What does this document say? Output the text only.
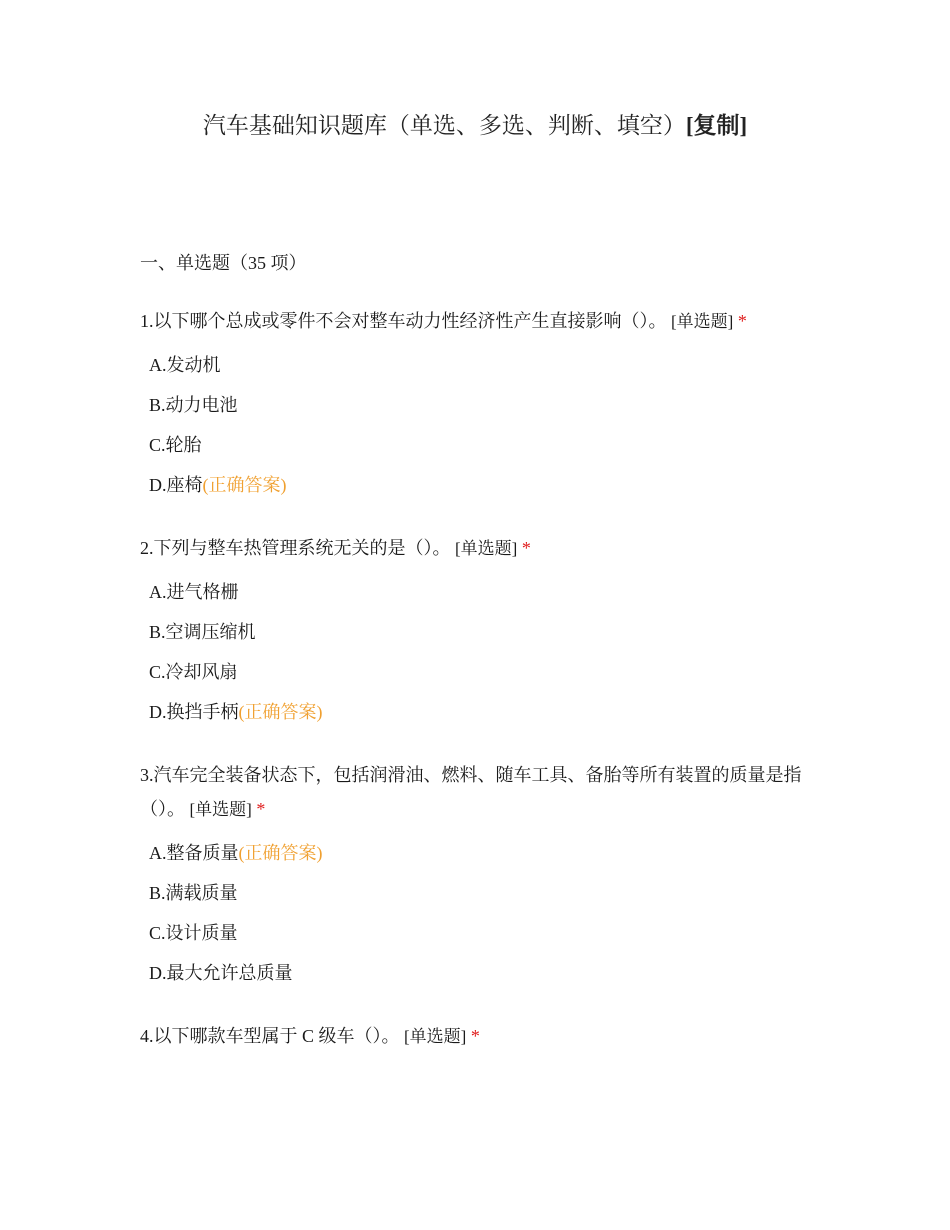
汽车基础知识题库（单选、多选、判断、填空）[复制]
一、单选题（35 项）
1.以下哪个总成或零件不会对整车动力性经济性产生直接影响（）。 [单选题] *
A.发动机
B.动力电池
C.轮胎
D.座椅(正确答案)
2.下列与整车热管理系统无关的是（）。 [单选题] *
A.进气格栅
B.空调压缩机
C.冷却风扇
D.换挡手柄(正确答案)
3.汽车完全装备状态下，包括润滑油、燃料、随车工具、备胎等所有装置的质量是指（）。 [单选题] *
A.整备质量(正确答案)
B.满载质量
C.设计质量
D.最大允许总质量
4.以下哪款车型属于 C 级车（）。 [单选题] *
